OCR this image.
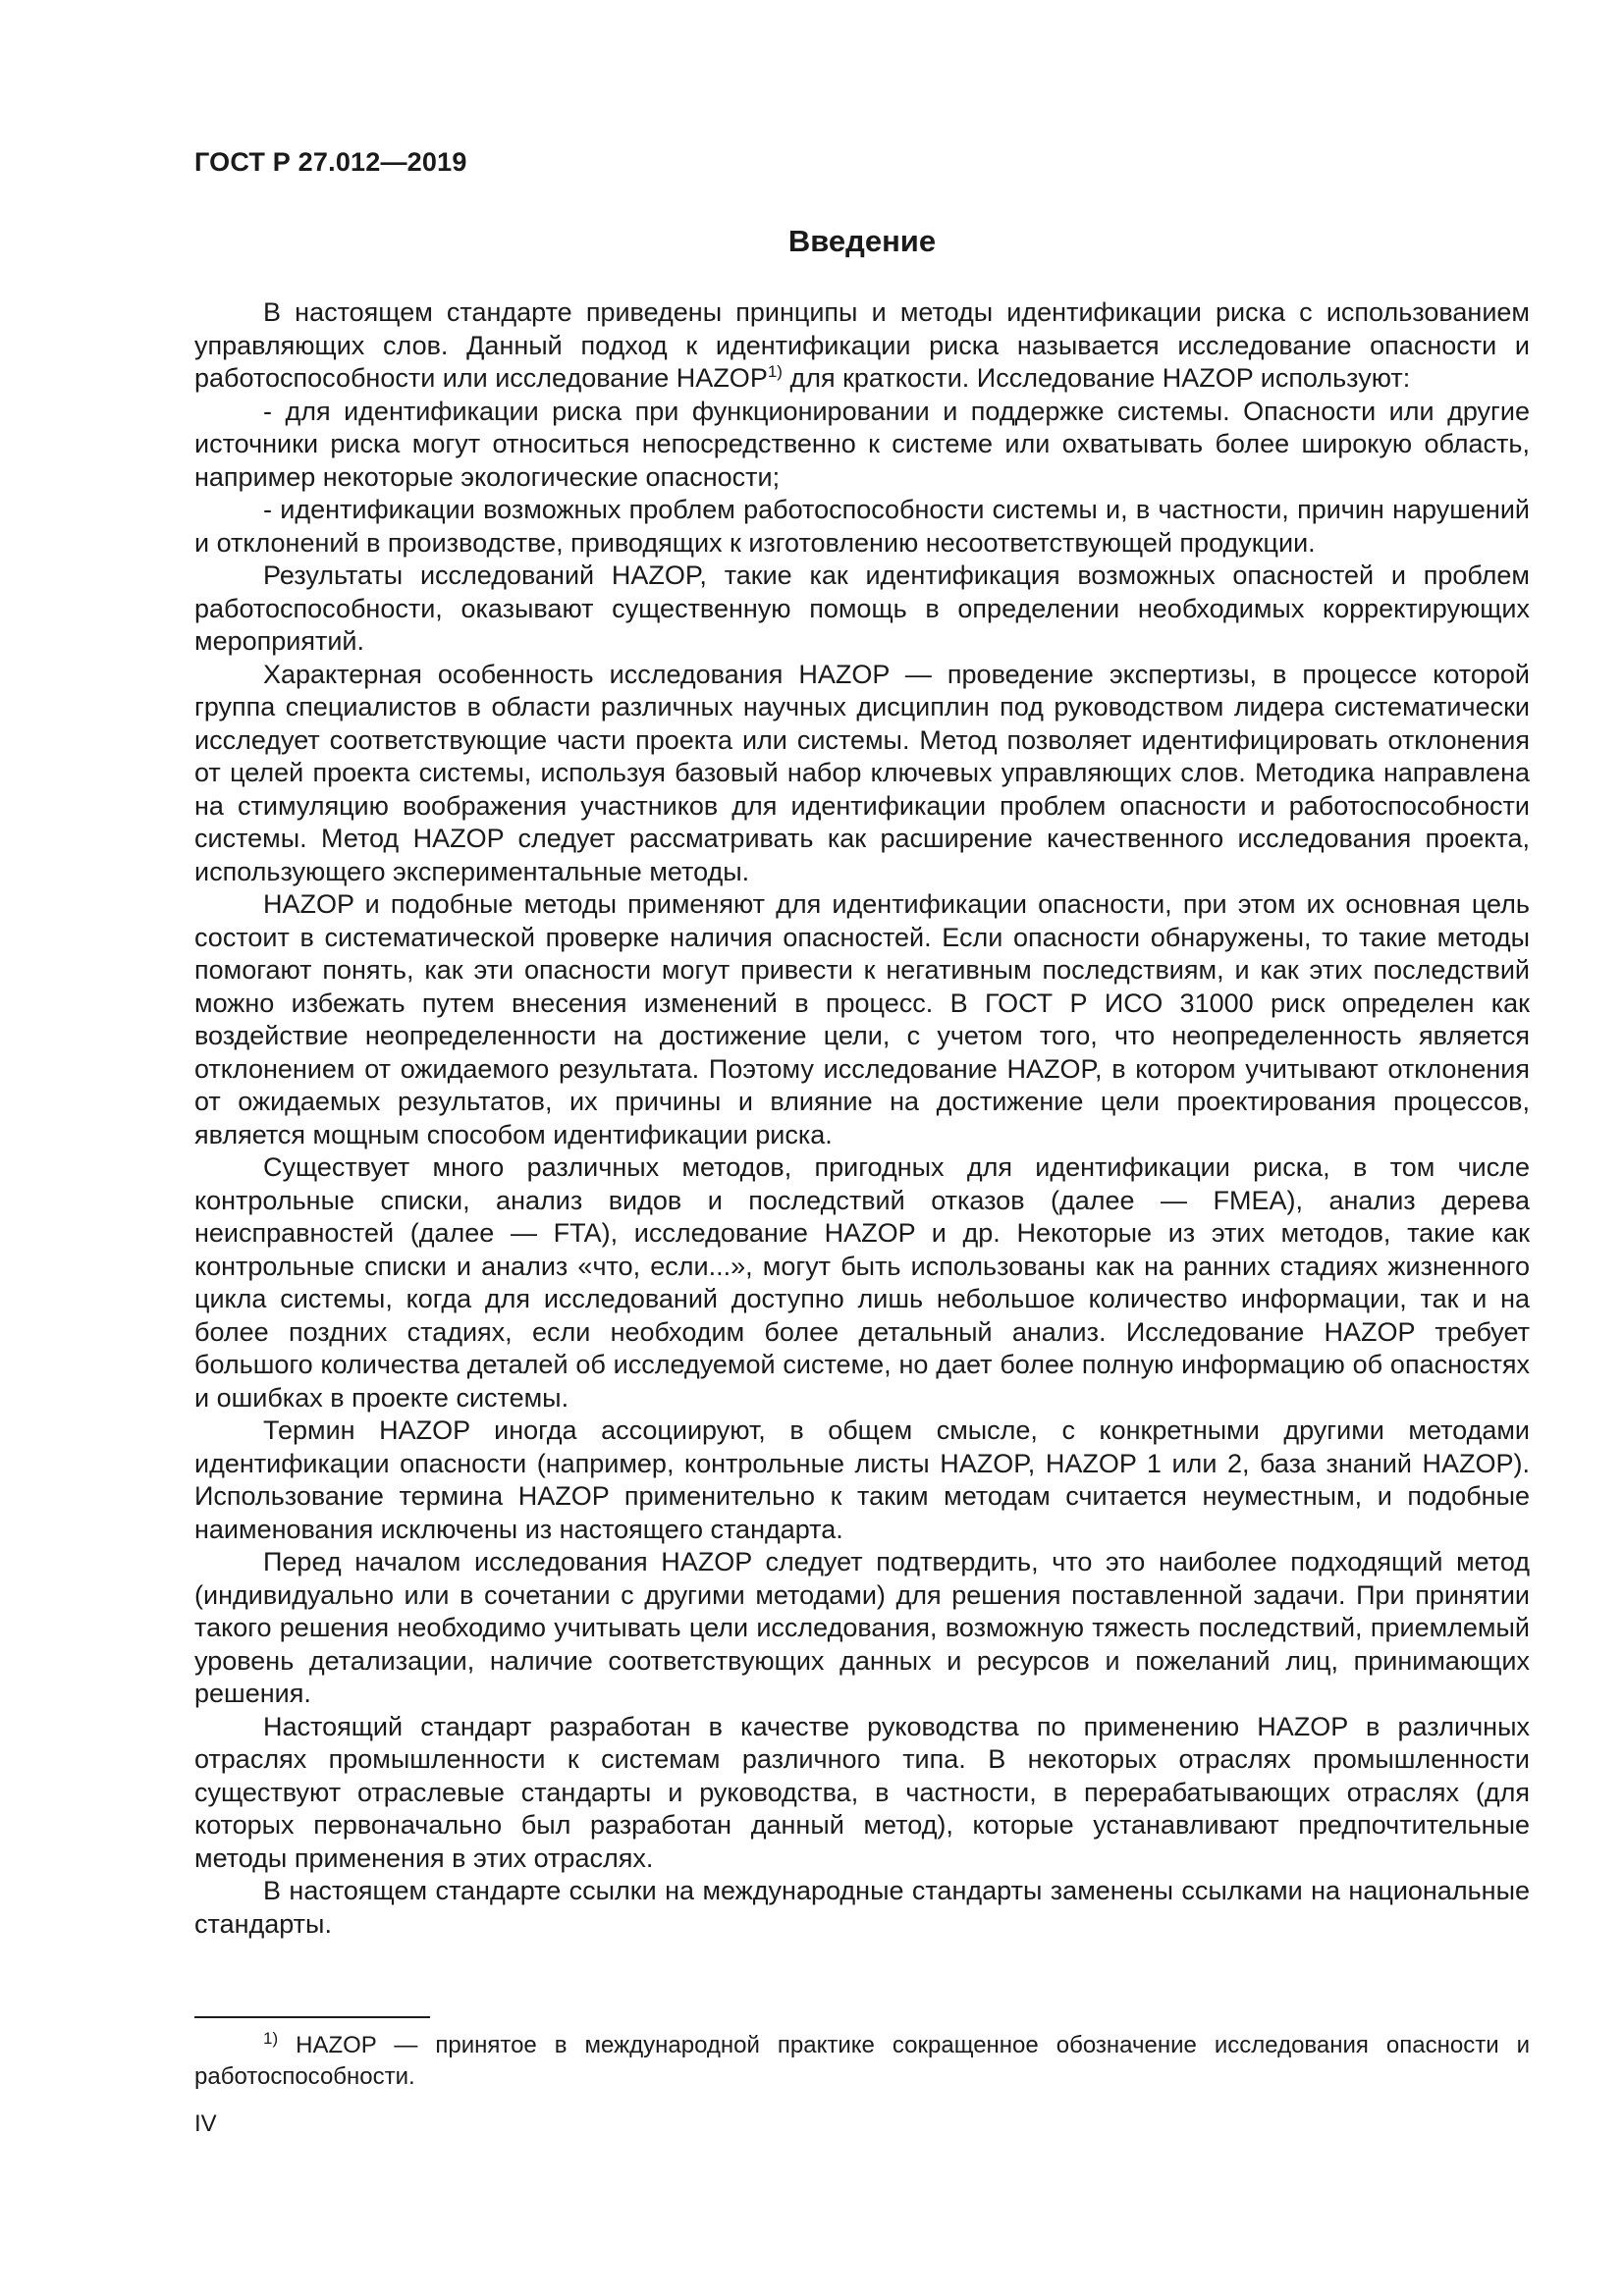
ГОСТ Р 27.012—2019
Введение

В настоящем стандарте приведены принципы и методы идентификации риска с использованием управляющих слов. Данный подход к идентификации риска называется исследование опасности и работоспособности или исследование HAZOP$^{1)}$ для краткости. Исследование HAZOP используют:

- для идентификации риска при функционировании и поддержке системы. Опасности или другие источники риска могут относиться непосредственно к системе или охватывать более широкую область, например некоторые экологические опасности;

- идентификации возможных проблем работоспособности системы и, в частности, причин нарушений и отклонений в производстве, приводящих к изготовлению несоответствующей продукции.

Результаты исследований HAZOP, такие как идентификация возможных опасностей и проблем работоспособности, оказывают существенную помощь в определении необходимых корректирующих мероприятий.

Характерная особенность исследования HAZOP — проведение экспертизы, в процессе которой группа специалистов в области различных научных дисциплин под руководством лидера систематически исследует соответствующие части проекта или системы. Метод позволяет идентифицировать отклонения от целей проекта системы, используя базовый набор ключевых управляющих слов. Методика направлена на стимуляцию воображения участников для идентификации проблем опасности и работоспособности системы. Метод HAZOP следует рассматривать как расширение качественного исследования проекта, использующего экспериментальные методы.

HAZOP и подобные методы применяют для идентификации опасности, при этом их основная цель состоит в систематической проверке наличия опасностей. Если опасности обнаружены, то такие методы помогают понять, как эти опасности могут привести к негативным последствиям, и как этих последствий можно избежать путем внесения изменений в процесс. В ГОСТ Р ИСО 31000 риск определен как воздействие неопределенности на достижение цели, с учетом того, что неопределенность является отклонением от ожидаемого результата. Поэтому исследование HAZOP, в котором учитывают отклонения от ожидаемых результатов, их причины и влияние на достижение цели проектирования процессов, является мощным способом идентификации риска.

Существует много различных методов, пригодных для идентификации риска, в том числе контрольные списки, анализ видов и последствий отказов (далее — FMEA), анализ дерева неисправностей (далее — FTA), исследование HAZOP и др. Некоторые из этих методов, такие как контрольные списки и анализ «что, если...», могут быть использованы как на ранних стадиях жизненного цикла системы, когда для исследований доступно лишь небольшое количество информации, так и на более поздних стадиях, если необходим более детальный анализ. Исследование HAZOP требует большого количества деталей об исследуемой системе, но дает более полную информацию об опасностях и ошибках в проекте системы.

Термин HAZOP иногда ассоциируют, в общем смысле, с конкретными другими методами идентификации опасности (например, контрольные листы HAZOP, HAZOP 1 или 2, база знаний HAZOP). Использование термина HAZOP применительно к таким методам считается неуместным, и подобные наименования исключены из настоящего стандарта.

Перед началом исследования HAZOP следует подтвердить, что это наиболее подходящий метод (индивидуально или в сочетании с другими методами) для решения поставленной задачи. При принятии такого решения необходимо учитывать цели исследования, возможную тяжесть последствий, приемлемый уровень детализации, наличие соответствующих данных и ресурсов и пожеланий лиц, принимающих решения.

Настоящий стандарт разработан в качестве руководства по применению HAZOP в различных отраслях промышленности к системам различного типа. В некоторых отраслях промышленности существуют отраслевые стандарты и руководства, в частности, в перерабатывающих отраслях (для которых первоначально был разработан данный метод), которые устанавливают предпочтительные методы применения в этих отраслях.

В настоящем стандарте ссылки на международные стандарты заменены ссылками на национальные стандарты.

$^{1)}$ HAZOP — принятое в международной практике сокращенное обозначение исследования опасности и работоспособности.

IV
